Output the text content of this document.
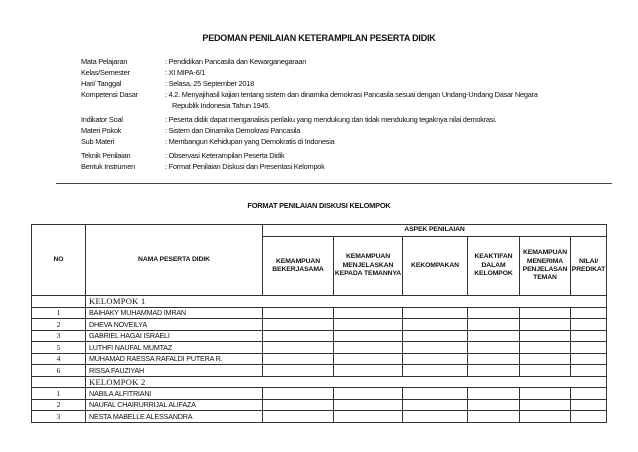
PEDOMAN PENILAIAN KETERAMPILAN PESERTA DIDIK
Mata Pelajaran	: Pendidikan Pancasila dan Kewarganegaraan
Kelas/Semester	: XI MIPA-6/1
Hari/ Tanggal	: Selasa, 25 September 2018
Kompetensi Dasar	: 4.2. Menyajihasil kajian tentang sistem dan dinamika demokrasi Pancasila sesuai dengan Undang-Undang Dasar Negara
Republik Indonesia Tahun 1945.
Indikator Soal	: Peserta didik dapat menganalisis perilaku yang mendukung dan tidak mendukung tegaknya nilai demokrasi.
Materi Pokok	: Sistem dan Dinamika Demokrasi Pancasila
Sub Materi	: Membangun Kehidupan yang Demokratis di Indonesia
Teknik Penilaian	: Observasi Keterampilan Peserta Didik
Bentuk Instrumen	: Format Penilaian Diskusi dan Presentasi Kelompok
FORMAT PENILAIAN DISKUSI KELOMPOK
NO	NAMA PESERTA DIDIK	ASPEK PENILAIAN					
		KEMAMPUAN BEKERJASAMA	KEMAMPUAN MENJELASKAN KEPADA TEMANNYA	KEKOMPAKAN	KEAKTIFAN DALAM KELOMPOK	KEMAMPUAN MENERIMA PENJELASAN TEMAN	NILAI/ PREDIKAT
	KELOMPOK 1						
1	BAIHAKY MUHAMMAD IMRAN						
2	DHEVA NOVEILYA						
3	GABRIEL HAGAI ISRAELI						
5	LUTHFI NAUFAL MUMTAZ						
4	MUHAMAD RAESSA RAFALDI PUTERA R.						
6	RISSA FAUZIYAH						
	KELOMPOK 2						
1	NABILA ALFITRIANI						
2	NAUFAL CHAIRURRIJAL ALIFAZA						
3	NESTA MABELLE ALESSANDRA						
